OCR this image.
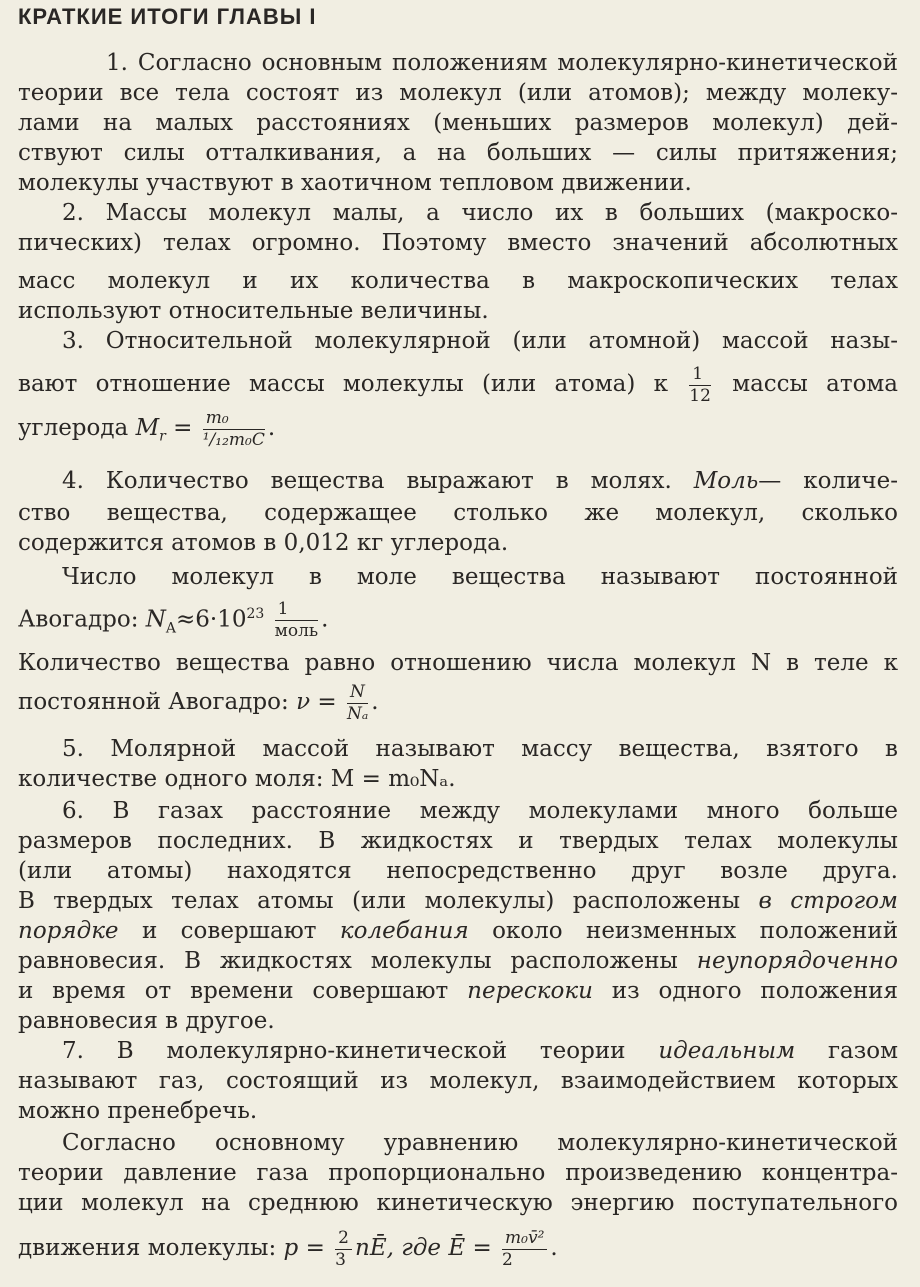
КРАТКИЕ ИТОГИ ГЛАВЫ I
1. Согласно основным положениям молекулярно-кинетической
теории все тела состоят из молекул (или атомов); между молеку-
лами на малых расстояниях (меньших размеров молекул) дей-
ствуют силы отталкивания, а на больших — силы притяжения;
молекулы участвуют в хаотичном тепловом движении.
2. Массы молекул малы, а число их в больших (макроско-
пических) телах огромно. Поэтому вместо значений абсолютных
масс молекул и их количества в макроскопических телах
используют относительные величины.
3. Относительной молекулярной (или атомной) массой назы-
вают отношение массы молекулы (или атома) к $\frac{1}{12}$ массы атома
углерода $M_r = \frac{\text{m₀}}{\text{¹/₁₂m₀C}}$ .
4. Количество вещества выражают в молях. Моль— количе-
ство вещества, содержащее столько же молекул, сколько
содержится атомов в 0,012 кг углерода.
Число молекул в моле вещества называют постоянной
Авогадро: $N_A\approx 6\cdot 10^{23} \frac{1}{\text{моль}}$ .
Количество вещества равно отношению числа молекул N в теле к
постоянной Авогадро: $\nu = \frac{N}{\text{Nₐ}}$ .
5. Молярной массой называют массу вещества, взятого в
количестве одного моля: M = m₀Nₐ.
6. В газах расстояние между молекулами много больше
размеров последних. В жидкостях и твердых телах молекулы
(или атомы) находятся непосредственно друг возле друга.
В твердых телах атомы (или молекулы) расположены в строгом
порядке и совершают колебания около неизменных положений
равновесия. В жидкостях молекулы расположены неупорядоченно
и время от времени совершают перескоки из одного положения
равновесия в другое.
7. В молекулярно-кинетической теории идеальным газом
называют газ, состоящий из молекул, взаимодействием которых
можно пренебречь.
Согласно основному уравнению молекулярно-кинетической
теории давление газа пропорционально произведению концентра-
ции молекул на среднюю кинетическую энергию поступательного
движения молекулы: $p = \frac{2}{3}$ nĒ, где Ē = $\frac{\text{m₀v̄²}}{2}$ .
